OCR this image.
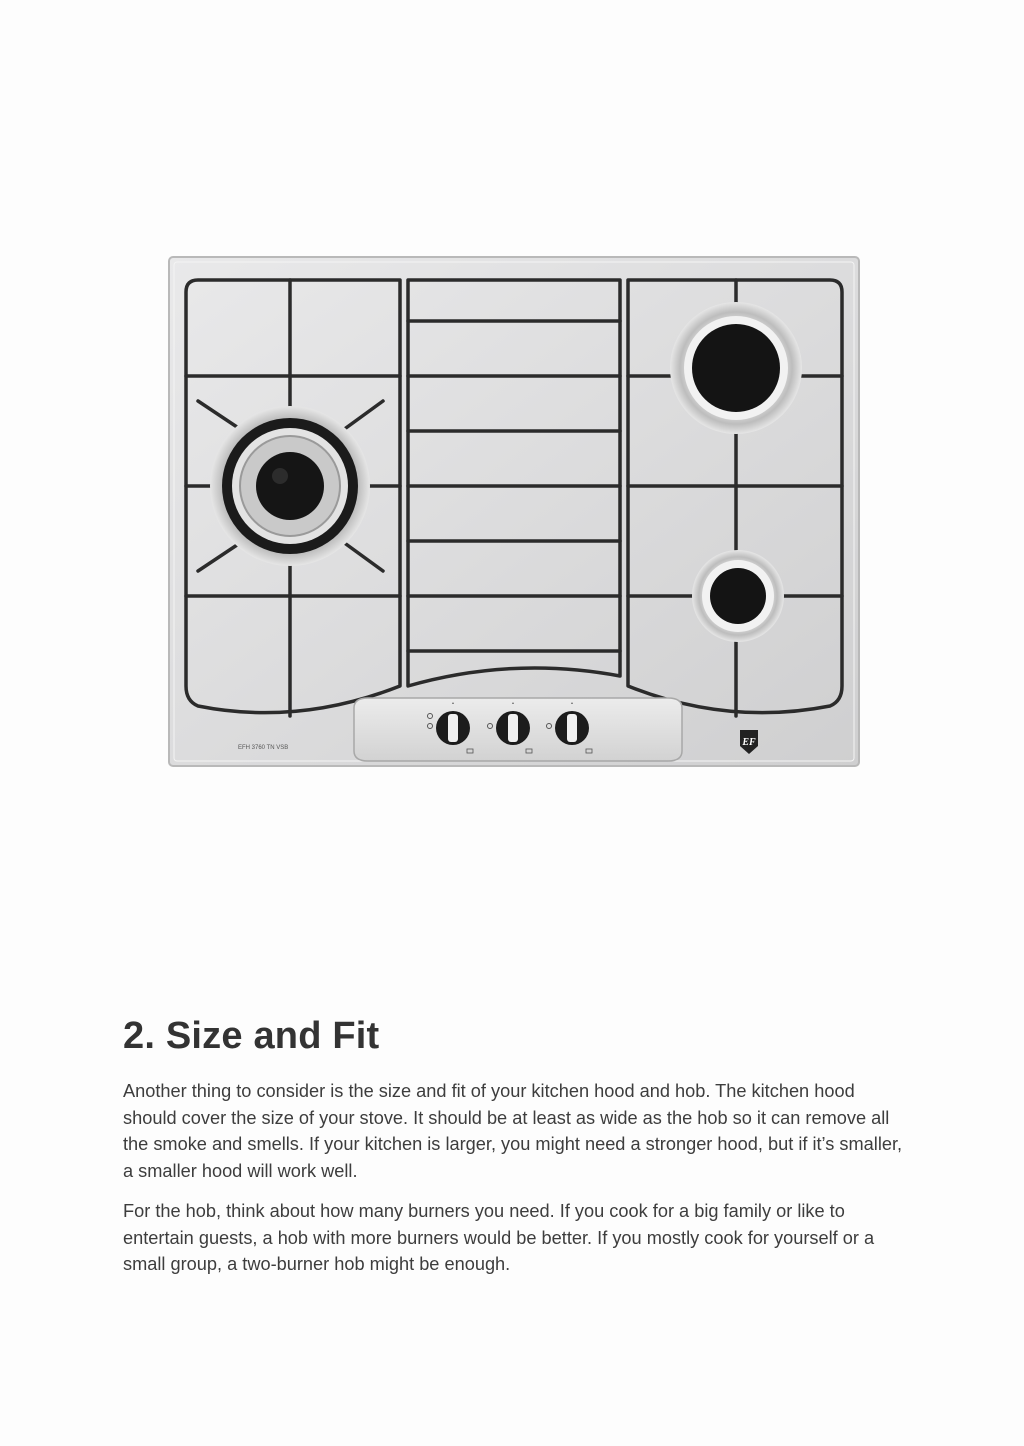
•	•	•
EFH 3760 TN VSB	EF
2. Size and Fit

Another thing to consider is the size and fit of your kitchen hood and hob. The kitchen hood should cover the size of your stove. It should be at least as wide as the hob so it can remove all the smoke and smells. If your kitchen is larger, you might need a stronger hood, but if it’s smaller, a smaller hood will work well.

For the hob, think about how many burners you need. If you cook for a big family or like to entertain guests, a hob with more burners would be better. If you mostly cook for yourself or a small group, a two-burner hob might be enough.
